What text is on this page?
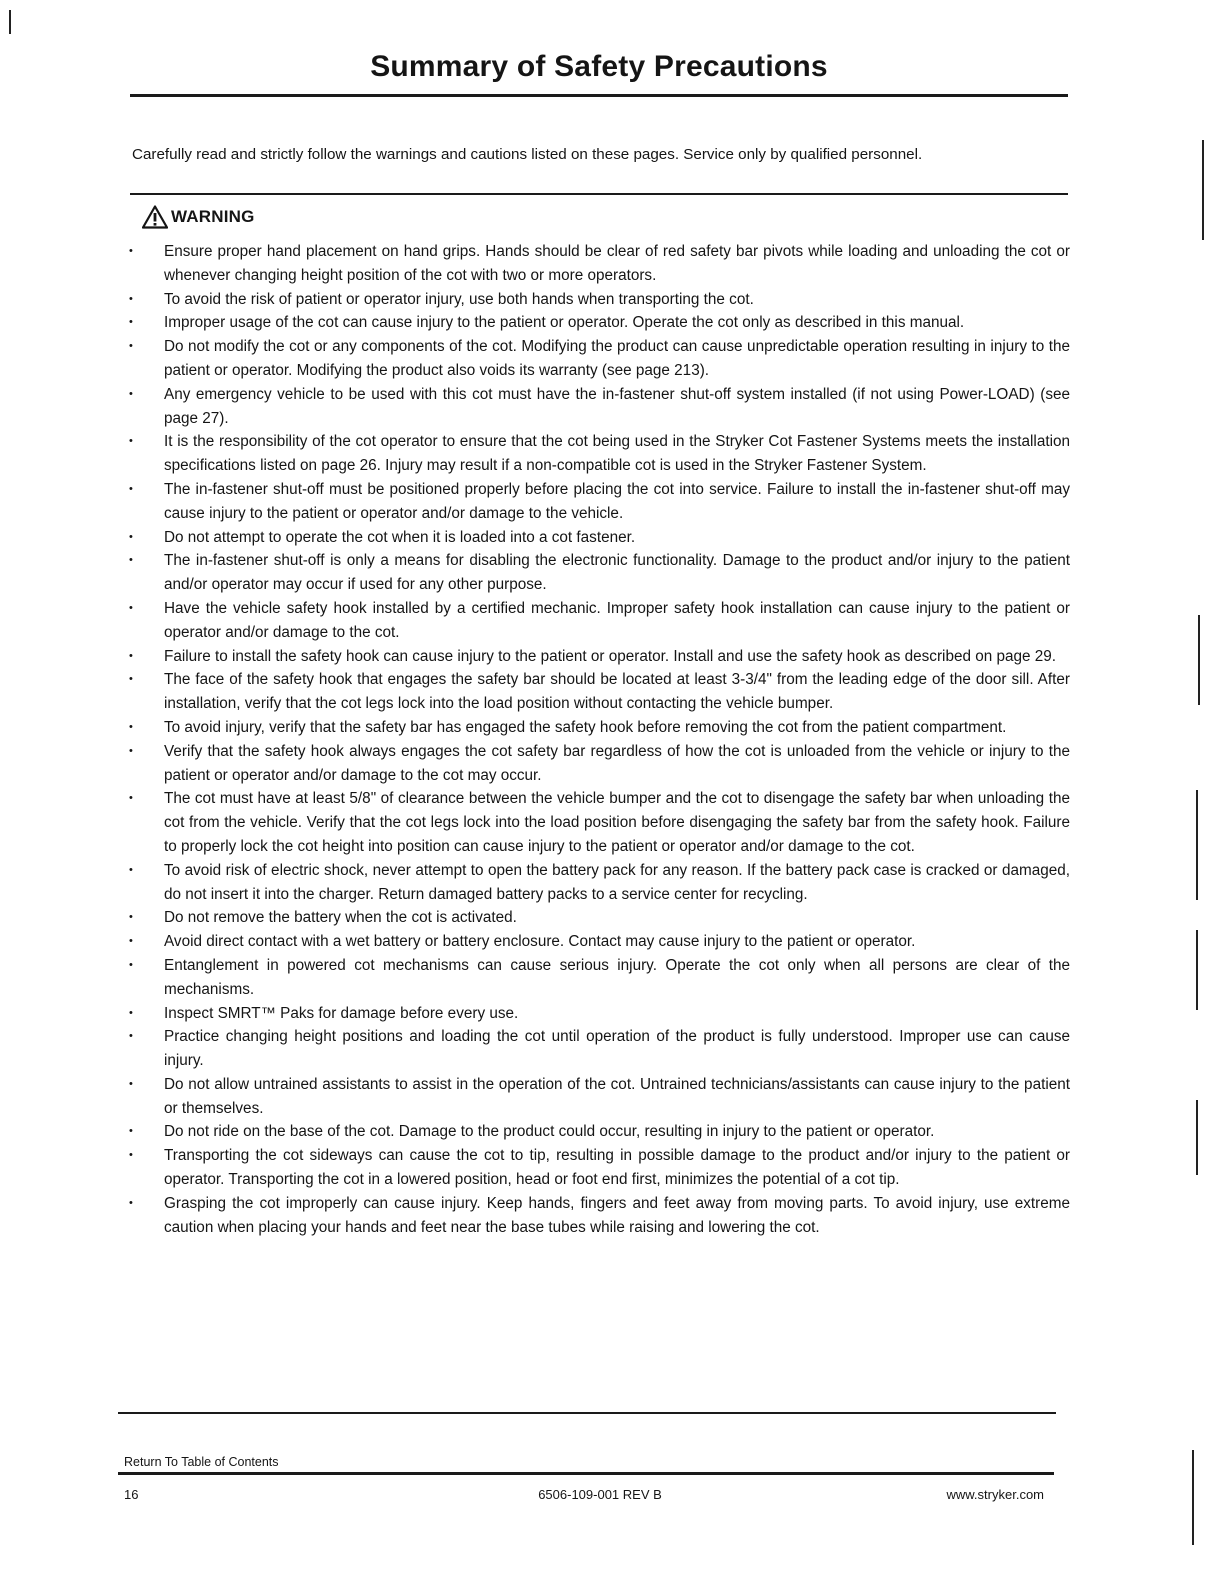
Summary of Safety Precautions
Carefully read and strictly follow the warnings and cautions listed on these pages. Service only by qualified personnel.
WARNING
• Ensure proper hand placement on hand grips. Hands should be clear of red safety bar pivots while loading and unloading the cot or whenever changing height position of the cot with two or more operators.
• To avoid the risk of patient or operator injury, use both hands when transporting the cot.
• Improper usage of the cot can cause injury to the patient or operator. Operate the cot only as described in this manual.
• Do not modify the cot or any components of the cot. Modifying the product can cause unpredictable operation resulting in injury to the patient or operator. Modifying the product also voids its warranty (see page 213).
• Any emergency vehicle to be used with this cot must have the in-fastener shut-off system installed (if not using Power-LOAD) (see page 27).
• It is the responsibility of the cot operator to ensure that the cot being used in the Stryker Cot Fastener Systems meets the installation specifications listed on page 26. Injury may result if a non-compatible cot is used in the Stryker Fastener System.
• The in-fastener shut-off must be positioned properly before placing the cot into service. Failure to install the in-fastener shut-off may cause injury to the patient or operator and/or damage to the vehicle.
• Do not attempt to operate the cot when it is loaded into a cot fastener.
• The in-fastener shut-off is only a means for disabling the electronic functionality. Damage to the product and/or injury to the patient and/or operator may occur if used for any other purpose.
• Have the vehicle safety hook installed by a certified mechanic. Improper safety hook installation can cause injury to the patient or operator and/or damage to the cot.
• Failure to install the safety hook can cause injury to the patient or operator. Install and use the safety hook as described on page 29.
• The face of the safety hook that engages the safety bar should be located at least 3-3/4" from the leading edge of the door sill. After installation, verify that the cot legs lock into the load position without contacting the vehicle bumper.
• To avoid injury, verify that the safety bar has engaged the safety hook before removing the cot from the patient compartment.
• Verify that the safety hook always engages the cot safety bar regardless of how the cot is unloaded from the vehicle or injury to the patient or operator and/or damage to the cot may occur.
• The cot must have at least 5/8" of clearance between the vehicle bumper and the cot to disengage the safety bar when unloading the cot from the vehicle. Verify that the cot legs lock into the load position before disengaging the safety bar from the safety hook. Failure to properly lock the cot height into position can cause injury to the patient or operator and/or damage to the cot.
• To avoid risk of electric shock, never attempt to open the battery pack for any reason. If the battery pack case is cracked or damaged, do not insert it into the charger. Return damaged battery packs to a service center for recycling.
• Do not remove the battery when the cot is activated.
• Avoid direct contact with a wet battery or battery enclosure. Contact may cause injury to the patient or operator.
• Entanglement in powered cot mechanisms can cause serious injury. Operate the cot only when all persons are clear of the mechanisms.
• Inspect SMRT™ Paks for damage before every use.
• Practice changing height positions and loading the cot until operation of the product is fully understood. Improper use can cause injury.
• Do not allow untrained assistants to assist in the operation of the cot. Untrained technicians/assistants can cause injury to the patient or themselves.
• Do not ride on the base of the cot. Damage to the product could occur, resulting in injury to the patient or operator.
• Transporting the cot sideways can cause the cot to tip, resulting in possible damage to the product and/or injury to the patient or operator. Transporting the cot in a lowered position, head or foot end first, minimizes the potential of a cot tip.
• Grasping the cot improperly can cause injury. Keep hands, fingers and feet away from moving parts. To avoid injury, use extreme caution when placing your hands and feet near the base tubes while raising and lowering the cot.
Return To Table of Contents
16	6506-109-001 REV B	www.stryker.com
